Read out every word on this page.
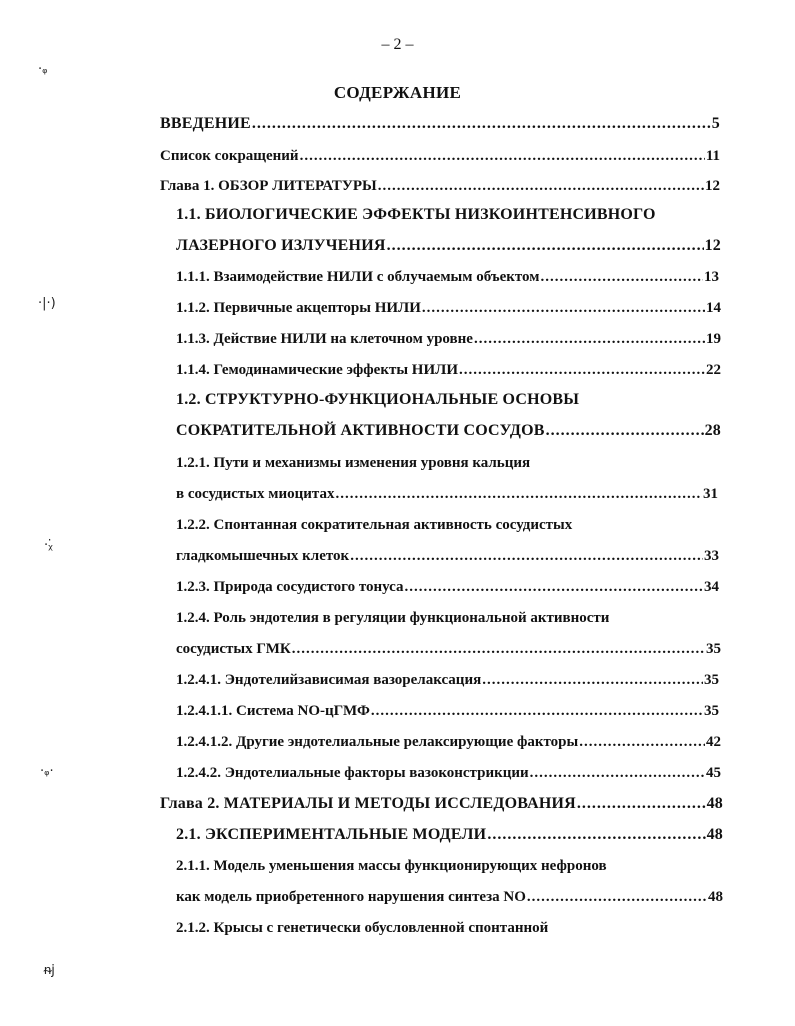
– 2 –
СОДЕРЖАНИЕ
·ᵩ
·|·)
·ᵪ̇
·ᵩ·
ᵰj
ВВЕДЕНИЕ .....	5
Список сокращений .....	11
Глава 1. ОБЗОР ЛИТЕРАТУРЫ .....	12
1.1. БИОЛОГИЧЕСКИЕ ЭФФЕКТЫ НИЗКОИНТЕНСИВНОГО
ЛАЗЕРНОГО ИЗЛУЧЕНИЯ .....	12
1.1.1. Взаимодействие НИЛИ с облучаемым объектом .....	13
1.1.2. Первичные акцепторы НИЛИ .....	14
1.1.3. Действие НИЛИ на клеточном уровне .....	19
1.1.4. Гемодинамические эффекты НИЛИ .....	22
1.2. СТРУКТУРНО-ФУНКЦИОНАЛЬНЫЕ ОСНОВЫ
СОКРАТИТЕЛЬНОЙ АКТИВНОСТИ СОСУДОВ .....	28
1.2.1. Пути и механизмы изменения уровня кальция
в сосудистых миоцитах .....	31
1.2.2. Спонтанная сократительная активность сосудистых
гладкомышечных клеток .....	33
1.2.3. Природа сосудистого тонуса .....	34
1.2.4. Роль эндотелия в регуляции функциональной активности
сосудистых ГМК .....	35
1.2.4.1. Эндотелийзависимая вазорелаксация .....	35
1.2.4.1.1. Система NO-цГМФ .....	35
1.2.4.1.2. Другие эндотелиальные релаксирующие факторы .....	42
1.2.4.2. Эндотелиальные факторы вазоконстрикции .....	45
Глава 2. МАТЕРИАЛЫ И МЕТОДЫ ИССЛЕДОВАНИЯ .....	48
2.1. ЭКСПЕРИМЕНТАЛЬНЫЕ МОДЕЛИ .....	48
2.1.1. Модель уменьшения массы функционирующих нефронов
как модель приобретенного нарушения синтеза NO .....	48
2.1.2. Крысы с генетически обусловленной спонтанной
